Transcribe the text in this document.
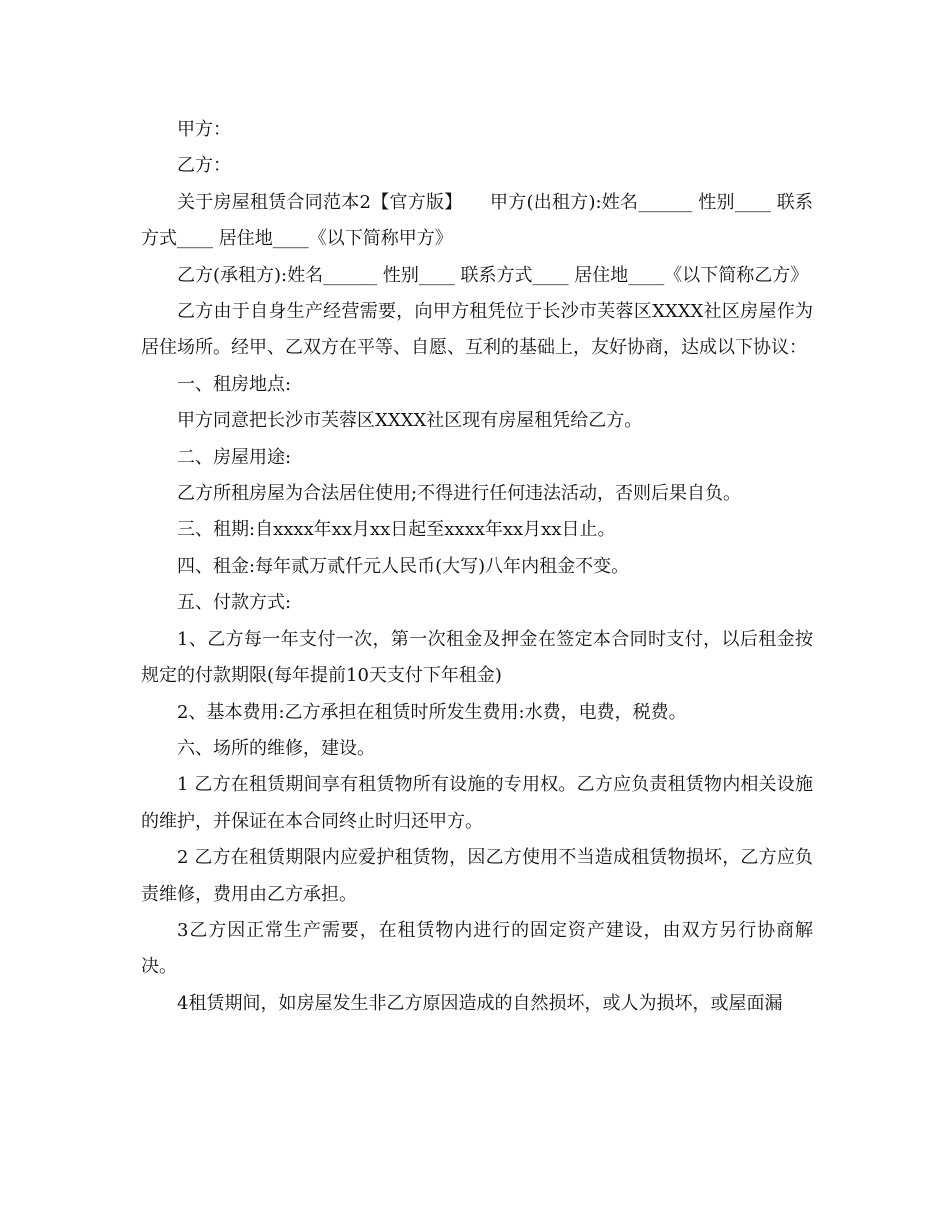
甲方：

乙方：

关于房屋租赁合同范本2【官方版】　　甲方(出租方):姓名______ 性别____ 联系方式____ 居住地____《以下简称甲方》

乙方(承租方):姓名______ 性别____ 联系方式____ 居住地____《以下简称乙方》

乙方由于自身生产经营需要，向甲方租凭位于长沙市芙蓉区XXXX社区房屋作为居住场所。经甲、乙双方在平等、自愿、互利的基础上，友好协商，达成以下协议：

一、租房地点:

甲方同意把长沙市芙蓉区XXXX社区现有房屋租凭给乙方。

二、房屋用途:

乙方所租房屋为合法居住使用;不得进行任何违法活动，否则后果自负。

三、租期:自xxxx年xx月xx日起至xxxx年xx月xx日止。

四、租金:每年贰万贰仟元人民币(大写)八年内租金不变。

五、付款方式:

1、乙方每一年支付一次，第一次租金及押金在签定本合同时支付，以后租金按规定的付款期限(每年提前10天支付下年租金)

2、基本费用:乙方承担在租赁时所发生费用:水费，电费，税费。

六、场所的维修，建设。

1 乙方在租赁期间享有租赁物所有设施的专用权。乙方应负责租赁物内相关设施的维护，并保证在本合同终止时归还甲方。

2 乙方在租赁期限内应爱护租赁物，因乙方使用不当造成租赁物损坏，乙方应负责维修，费用由乙方承担。

3乙方因正常生产需要，在租赁物内进行的固定资产建设，由双方另行协商解决。

4租赁期间，如房屋发生非乙方原因造成的自然损坏，或人为损坏，或屋面漏
